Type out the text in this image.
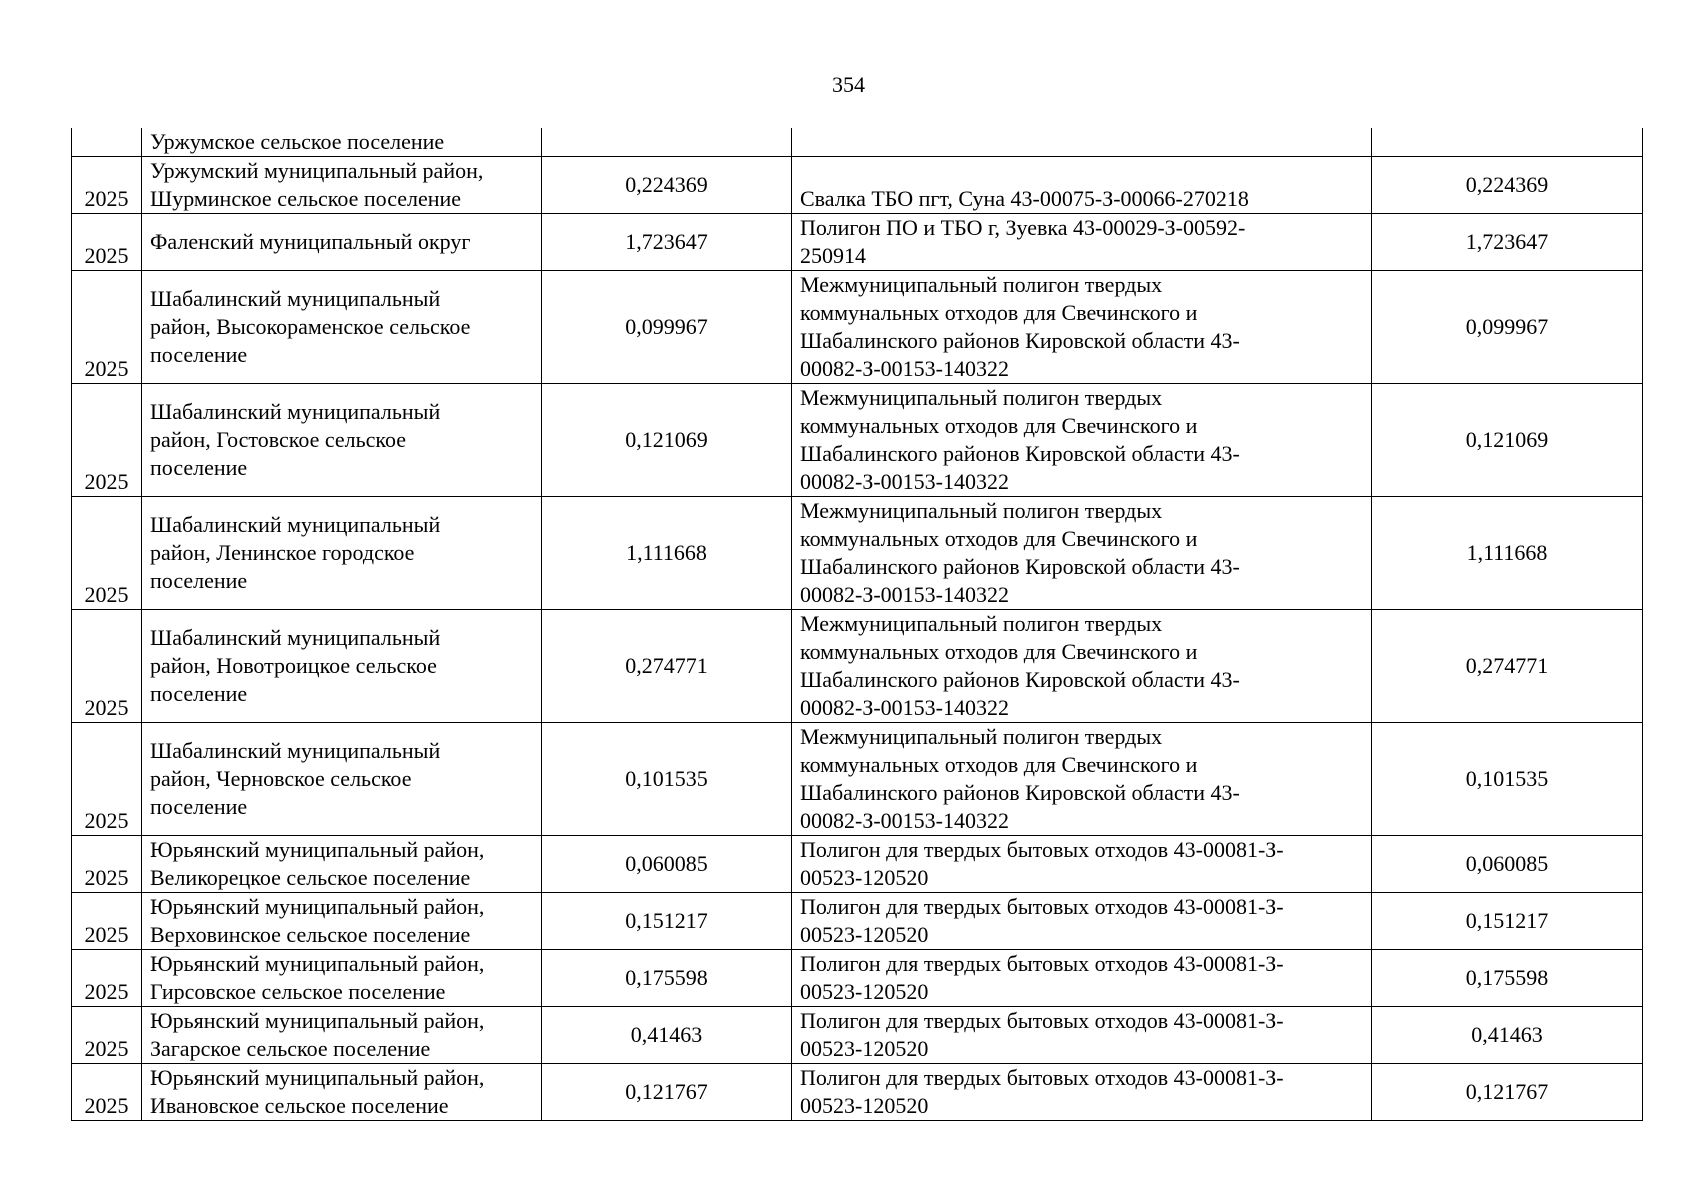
354
	Уржумское сельское поселение			
2025	Уржумский муниципальный район,
Шурминское сельское поселение	0,224369	Свалка ТБО пгт, Суна 43-00075-З-00066-270218	0,224369
2025	Фаленский муниципальный округ	1,723647	Полигон ПО и ТБО г, Зуевка 43-00029-З-00592-
250914	1,723647
2025	Шабалинский муниципальный
район, Высокораменское сельское
поселение	0,099967	Межмуниципальный полигон твердых
коммунальных отходов для Свечинского и
Шабалинского районов Кировской области 43-
00082-З-00153-140322	0,099967
2025	Шабалинский муниципальный
район, Гостовское сельское
поселение	0,121069	Межмуниципальный полигон твердых
коммунальных отходов для Свечинского и
Шабалинского районов Кировской области 43-
00082-З-00153-140322	0,121069
2025	Шабалинский муниципальный
район, Ленинское городское
поселение	1,111668	Межмуниципальный полигон твердых
коммунальных отходов для Свечинского и
Шабалинского районов Кировской области 43-
00082-З-00153-140322	1,111668
2025	Шабалинский муниципальный
район, Новотроицкое сельское
поселение	0,274771	Межмуниципальный полигон твердых
коммунальных отходов для Свечинского и
Шабалинского районов Кировской области 43-
00082-З-00153-140322	0,274771
2025	Шабалинский муниципальный
район, Черновское сельское
поселение	0,101535	Межмуниципальный полигон твердых
коммунальных отходов для Свечинского и
Шабалинского районов Кировской области 43-
00082-З-00153-140322	0,101535
2025	Юрьянский муниципальный район,
Великорецкое сельское поселение	0,060085	Полигон для твердых бытовых отходов 43-00081-З-
00523-120520	0,060085
2025	Юрьянский муниципальный район,
Верховинское сельское поселение	0,151217	Полигон для твердых бытовых отходов 43-00081-З-
00523-120520	0,151217
2025	Юрьянский муниципальный район,
Гирсовское сельское поселение	0,175598	Полигон для твердых бытовых отходов 43-00081-З-
00523-120520	0,175598
2025	Юрьянский муниципальный район,
Загарское сельское поселение	0,41463	Полигон для твердых бытовых отходов 43-00081-З-
00523-120520	0,41463
2025	Юрьянский муниципальный район,
Ивановское сельское поселение	0,121767	Полигон для твердых бытовых отходов 43-00081-З-
00523-120520	0,121767
